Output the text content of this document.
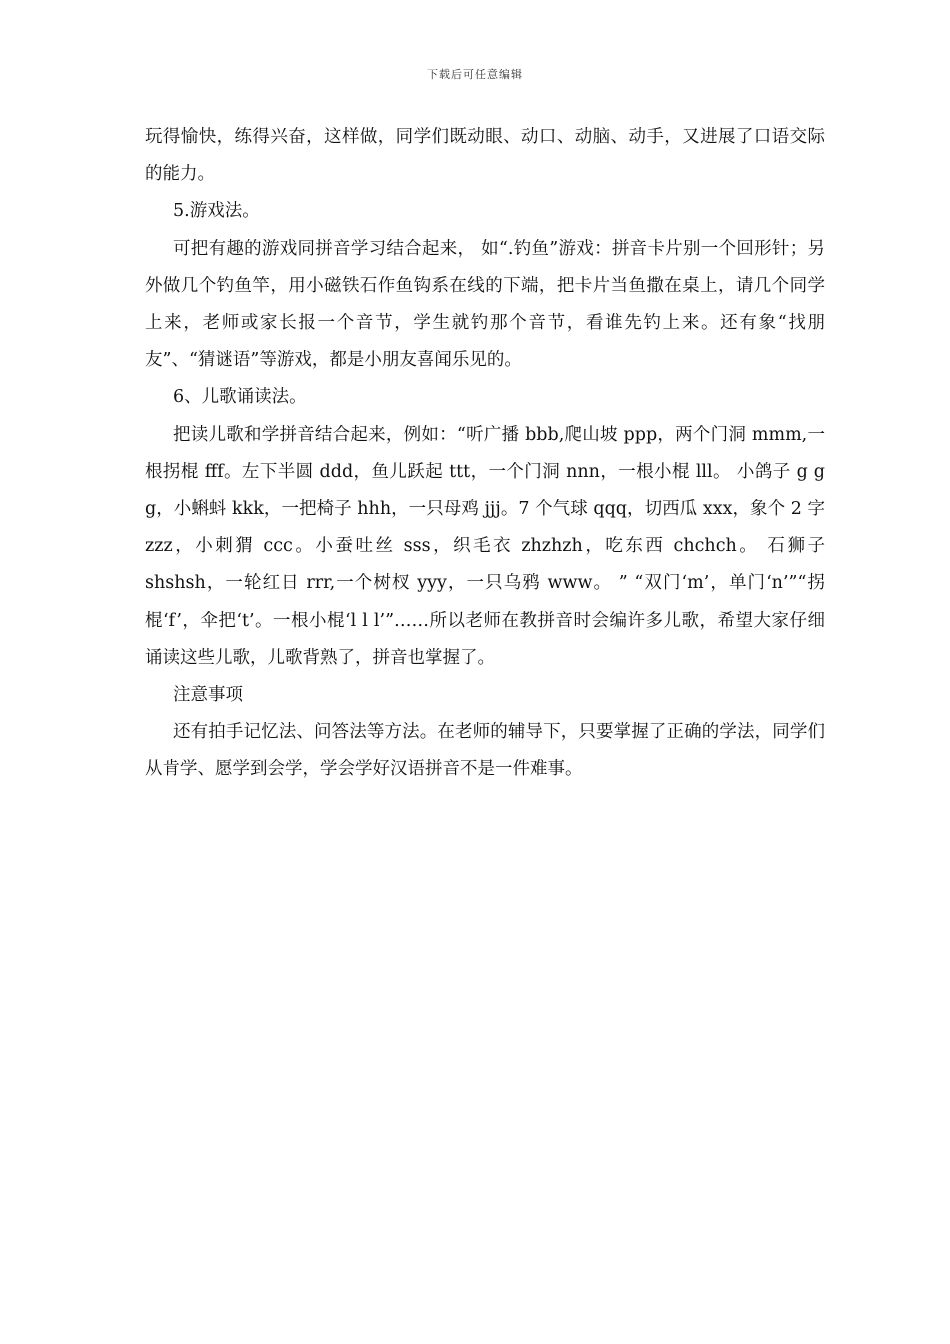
下载后可任意编辑

玩得愉快，练得兴奋，这样做，同学们既动眼、动口、动脑、动手，又进展了口语交际的能力。

5.游戏法。

可把有趣的游戏同拼音学习结合起来， 如“.钓鱼”游戏：拼音卡片别一个回形针；另外做几个钓鱼竿，用小磁铁石作鱼钩系在线的下端，把卡片当鱼撒在桌上，请几个同学上来，老师或家长报一个音节，学生就钓那个音节，看谁先钓上来。还有象“找朋友”、“猜谜语”等游戏，都是小朋友喜闻乐见的。

6、儿歌诵读法。

把读儿歌和学拼音结合起来，例如：“听广播 bbb,爬山坡 ppp，两个门洞 mmm,一根拐棍 fff。左下半圆 ddd，鱼儿跃起 ttt，一个门洞 nnn，一根小棍 lll。 小鸽子 g g g，小蝌蚪 kkk，一把椅子 hhh，一只母鸡 jjj。7 个气球 qqq，切西瓜 xxx，象个 2 字 zzz，小刺猬 ccc。小蚕吐丝 sss，织毛衣 zhzhzh，吃东西 chchch。 石狮子 shshsh，一轮红日 rrr,一个树杈 yyy，一只乌鸦 www。 ” “双门‘m’，单门‘n’”“拐棍‘f’，伞把‘t’。一根小棍‘l l l’”……所以老师在教拼音时会编许多儿歌，希望大家仔细诵读这些儿歌，儿歌背熟了，拼音也掌握了。

注意事项

还有拍手记忆法、问答法等方法。在老师的辅导下，只要掌握了正确的学法，同学们从肯学、愿学到会学，学会学好汉语拼音不是一件难事。
